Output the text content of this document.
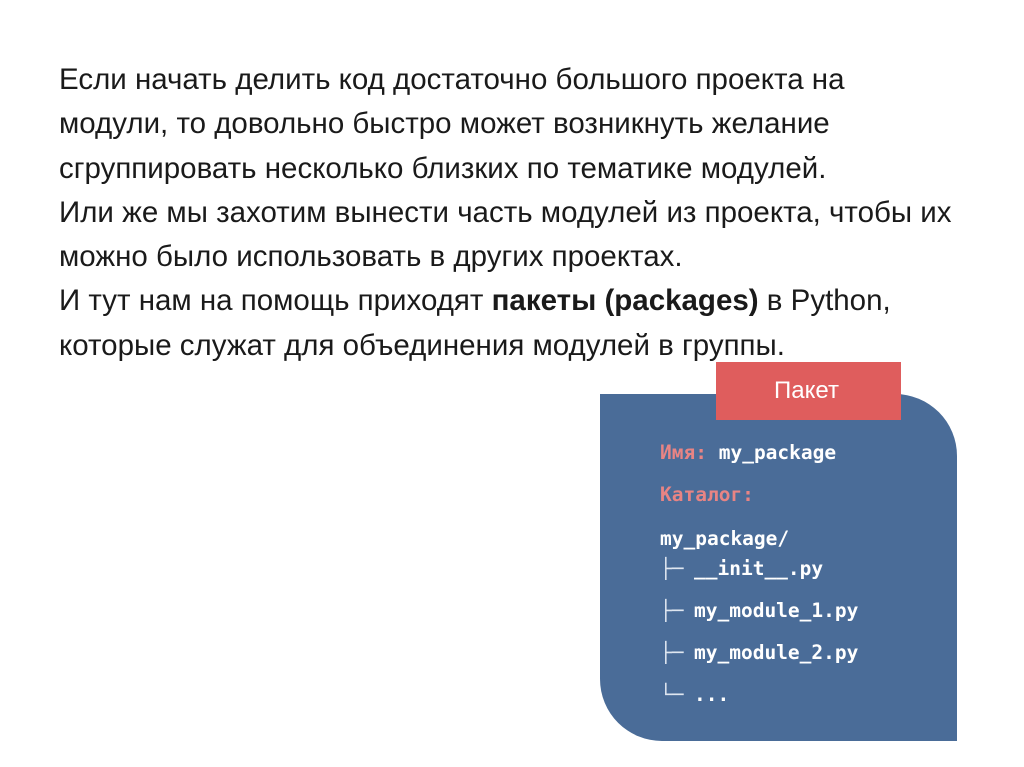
Если начать делить код достаточно большого проекта на модули, то довольно быстро может возникнуть желание сгруппировать несколько близких по тематике модулей.

Или же мы захотим вынести часть модулей из проекта, чтобы их можно было использовать в других проектах.

И тут нам на помощь приходят пакеты (packages) в Python, которые служат для объединения модулей в группы.

Пакет

Имя: my_package

Каталог:

my_package/

├─ __init__.py

├─ my_module_1.py

├─ my_module_2.py

└─ ...
